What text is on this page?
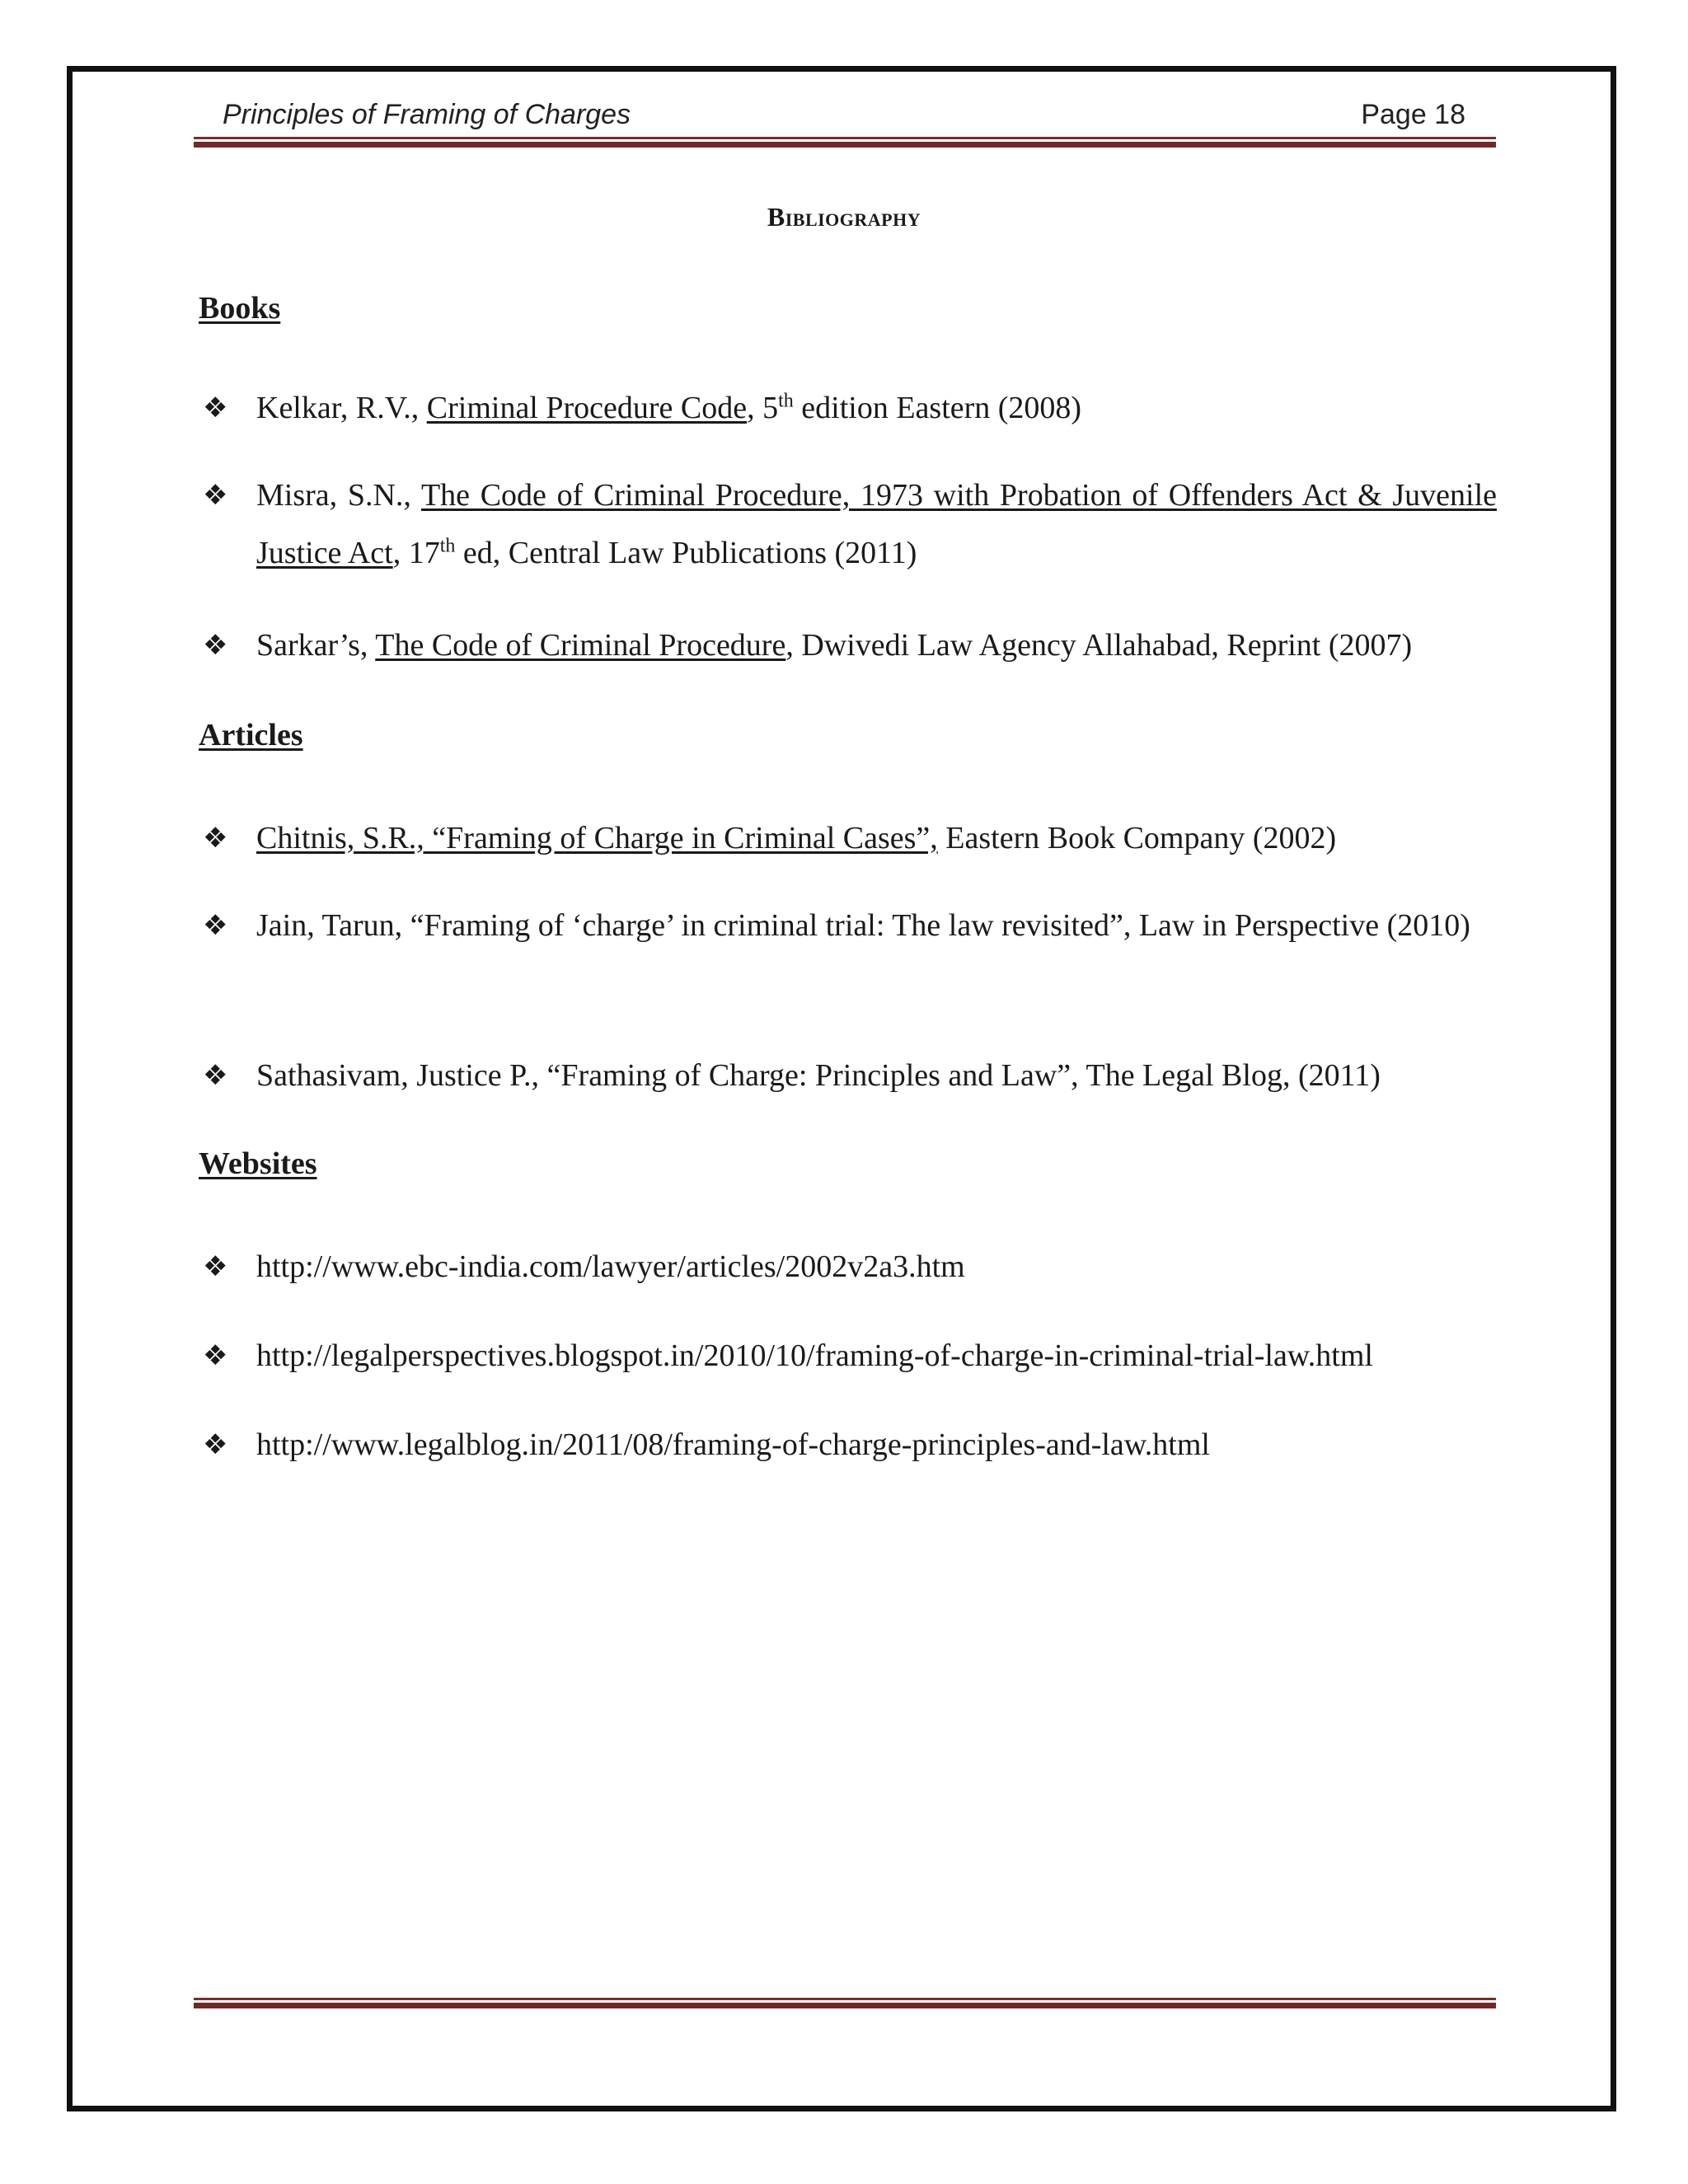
Principles of Framing of Charges	Page 18
Bibliography
Books
❖ Kelkar, R.V., Criminal Procedure Code, 5th edition Eastern (2008)
❖ Misra, S.N., The Code of Criminal Procedure, 1973 with Probation of Offenders Act & Juvenile Justice Act, 17th ed, Central Law Publications (2011)
❖ Sarkar’s, The Code of Criminal Procedure, Dwivedi Law Agency Allahabad, Reprint (2007)
Articles
❖ Chitnis, S.R., “Framing of Charge in Criminal Cases”, Eastern Book Company (2002)
❖ Jain, Tarun, “Framing of ‘charge’ in criminal trial: The law revisited”, Law in Perspective (2010)
❖ Sathasivam, Justice P., “Framing of Charge: Principles and Law”, The Legal Blog, (2011)
Websites
❖ http://www.ebc-india.com/lawyer/articles/2002v2a3.htm
❖ http://legalperspectives.blogspot.in/2010/10/framing-of-charge-in-criminal-trial-law.html
❖ http://www.legalblog.in/2011/08/framing-of-charge-principles-and-law.html
